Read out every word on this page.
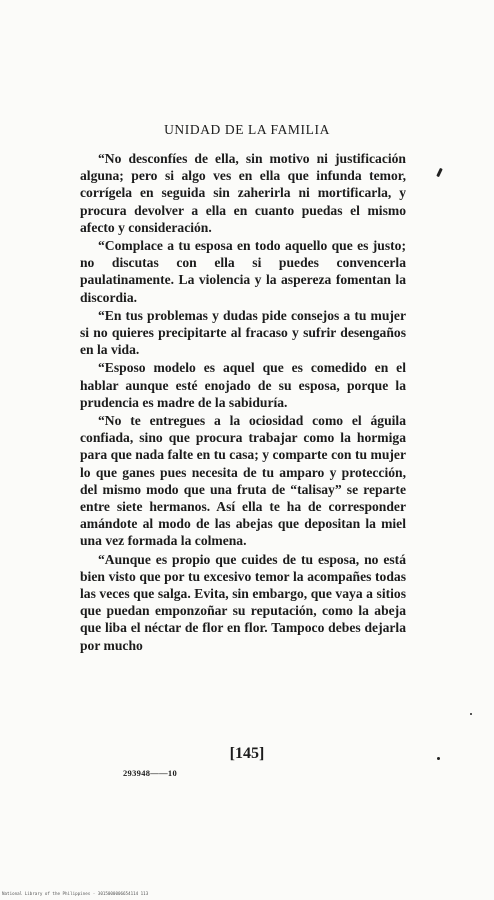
UNIDAD DE LA FAMILIA

“No desconfíes de ella, sin motivo ni justificación alguna; pero si algo ves en ella que infunda temor, corrígela en seguida sin zaherirla ni mortificarla, y procura devolver a ella en cuanto puedas el mismo afecto y consideración.

“Complace a tu esposa en todo aquello que es justo; no discutas con ella si puedes convencerla paulatinamente. La violencia y la aspereza fomentan la discordia.

“En tus problemas y dudas pide consejos a tu mujer si no quieres precipitarte al fracaso y sufrir desengaños en la vida.

“Esposo modelo es aquel que es comedido en el hablar aunque esté enojado de su esposa, porque la prudencia es madre de la sabiduría.

“No te entregues a la ociosidad como el águila confiada, sino que procura trabajar como la hormiga para que nada falte en tu casa; y comparte con tu mujer lo que ganes pues necesita de tu amparo y protección, del mismo modo que una fruta de “talisay” se reparte entre siete hermanos. Así ella te ha de corresponder amándote al modo de las abejas que depositan la miel una vez formada la colmena.

“Aunque es propio que cuides de tu esposa, no está bien visto que por tu excesivo temor la acompañes todas las veces que salga. Evita, sin embargo, que vaya a sitios que puedan emponzoñar su reputación, como la abeja que liba el néctar de flor en flor. Tampoco debes dejarla por mucho

[145]
293948——10
National Library of the Philippines · 3015000006654114 113
